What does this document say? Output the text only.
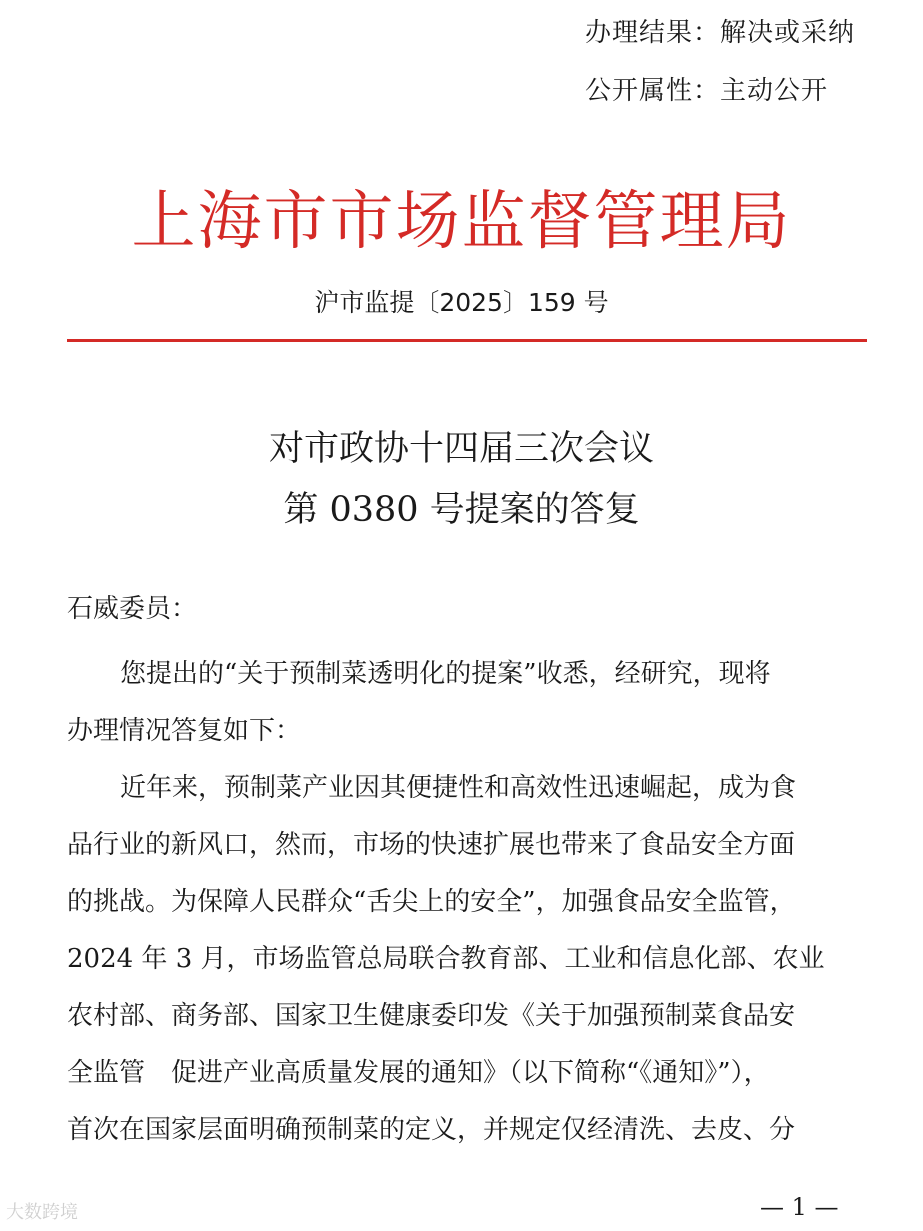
办理结果：解决或采纳
公开属性：主动公开
上海市市场监督管理局
沪市监提〔2025〕159 号
对市政协十四届三次会议
第 0380 号提案的答复
石威委员：
您提出的“关于预制菜透明化的提案”收悉，经研究，现将
办理情况答复如下：
近年来，预制菜产业因其便捷性和高效性迅速崛起，成为食
品行业的新风口，然而，市场的快速扩展也带来了食品安全方面
的挑战。为保障人民群众“舌尖上的安全”，加强食品安全监管，
2024 年 3 月，市场监管总局联合教育部、工业和信息化部、农业
农村部、商务部、国家卫生健康委印发《关于加强预制菜食品安
全监管　促进产业高质量发展的通知》（以下简称“《通知》”），
首次在国家层面明确预制菜的定义，并规定仅经清洗、去皮、分
— 1 —
大数跨境
